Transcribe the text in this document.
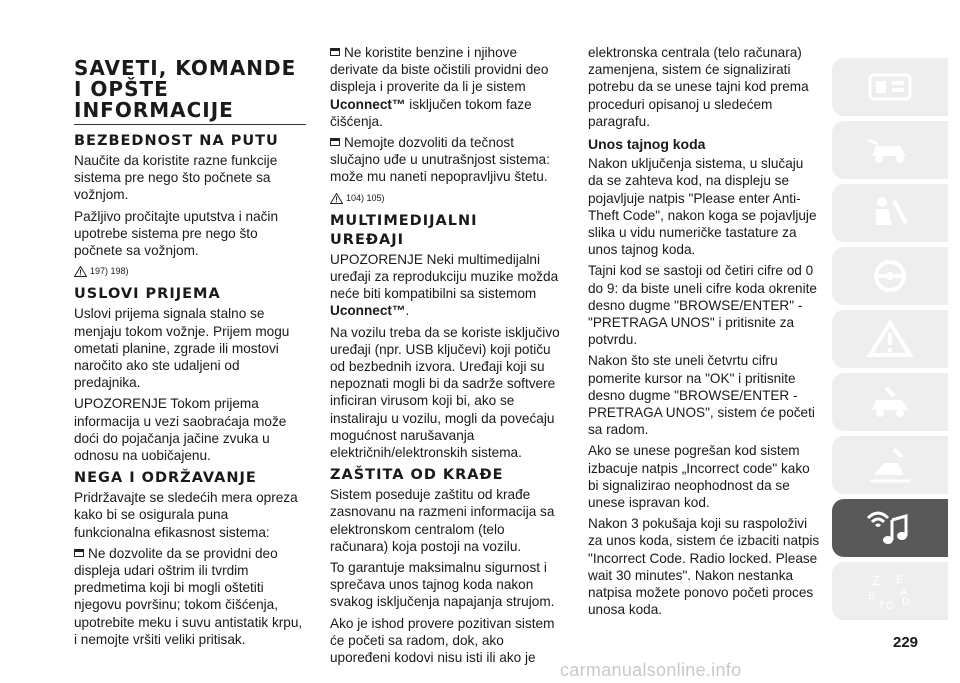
SAVETI, KOMANDE
I OPŠTE
INFORMACIJE
BEZBEDNOST NA PUTU

Naučite da koristite razne funkcije sistema pre nego što počnete sa vožnjom.

Pažljivo pročitajte uputstva i način upotrebe sistema pre nego što počnete sa vožnjom.

197) 198)
USLOVI PRIJEMA

Uslovi prijema signala stalno se menjaju tokom vožnje. Prijem mogu ometati planine, zgrade ili mostovi naročito ako ste udaljeni od predajnika.

UPOZORENJE Tokom prijema informacija u vezi saobraćaja može doći do pojačanja jačine zvuka u odnosu na uobičajenu.

NEGA I ODRŽAVANJE

Pridržavajte se sledećih mera opreza kako bi se osigurala puna funkcionalna efikasnost sistema:

Ne dozvolite da se providni deo displeja udari oštrim ili tvrdim predmetima koji bi mogli oštetiti njegovu površinu; tokom čišćenja, upotrebite meku i suvu antistatik krpu, i nemojte vršiti veliki pritisak.

Ne koristite benzine i njihove derivate da biste očistili providni deo displeja i proverite da li je sistem Uconnect™ isključen tokom faze čišćenja.

Nemojte dozvoliti da tečnost slučajno uđe u unutrašnjost sistema: može mu naneti nepopravljivu štetu.

104) 105)
MULTIMEDIJALNI
UREĐAJI

UPOZORENJE Neki multimedijalni uređaji za reprodukciju muzike možda neće biti kompatibilni sa sistemom Uconnect™.

Na vozilu treba da se koriste isključivo uređaji (npr. USB ključevi) koji potiču od bezbednih izvora. Uređaji koji su nepoznati mogli bi da sadrže softvere inficiran virusom koji bi, ako se instaliraju u vozilu, mogli da povećaju mogućnost narušavanja električnih/elektronskih sistema.

ZAŠTITA OD KRAĐE

Sistem poseduje zaštitu od krađe zasnovanu na razmeni informacija sa elektronskom centralom (telo računara) koja postoji na vozilu.

To garantuje maksimalnu sigurnost i sprečava unos tajnog koda nakon svakog isključenja napajanja strujom.

Ako je ishod provere pozitivan sistem će početi sa radom, dok, ako upoređeni kodovi nisu isti ili ako je

elektronska centrala (telo računara) zamenjena, sistem će signalizirati potrebu da se unese tajni kod prema proceduri opisanoj u sledećem paragrafu.

Unos tajnog koda

Nakon uključenja sistema, u slučaju da se zahteva kod, na displeju se pojavljuje natpis "Please enter Anti-Theft Code", nakon koga se pojavljuje slika u vidu numeričke tastature za unos tajnog koda.

Tajni kod se sastoji od četiri cifre od 0 do 9: da biste uneli cifre koda okrenite desno dugme "BROWSE/ENTER" - "PRETRAGA UNOS" i pritisnite za potvrdu.

Nakon što ste uneli četvrtu cifru pomerite kursor na "OK" i pritisnite desno dugme "BROWSE/ENTER - PRETRAGA UNOS", sistem će početi sa radom.

Ako se unese pogrešan kod sistem izbacuje natpis „Incorrect code" kako bi signalizirao neophodnost da se unese ispravan kod.

Nakon 3 pokušaja koji su raspoloživi za unos koda, sistem će izbaciti natpis "Incorrect Code. Radio locked. Please wait 30 minutes". Nakon nestanka natpisa možete ponovo početi proces unosa koda.

Z E
B
C
T D
A
229
carmanualsonline.info
